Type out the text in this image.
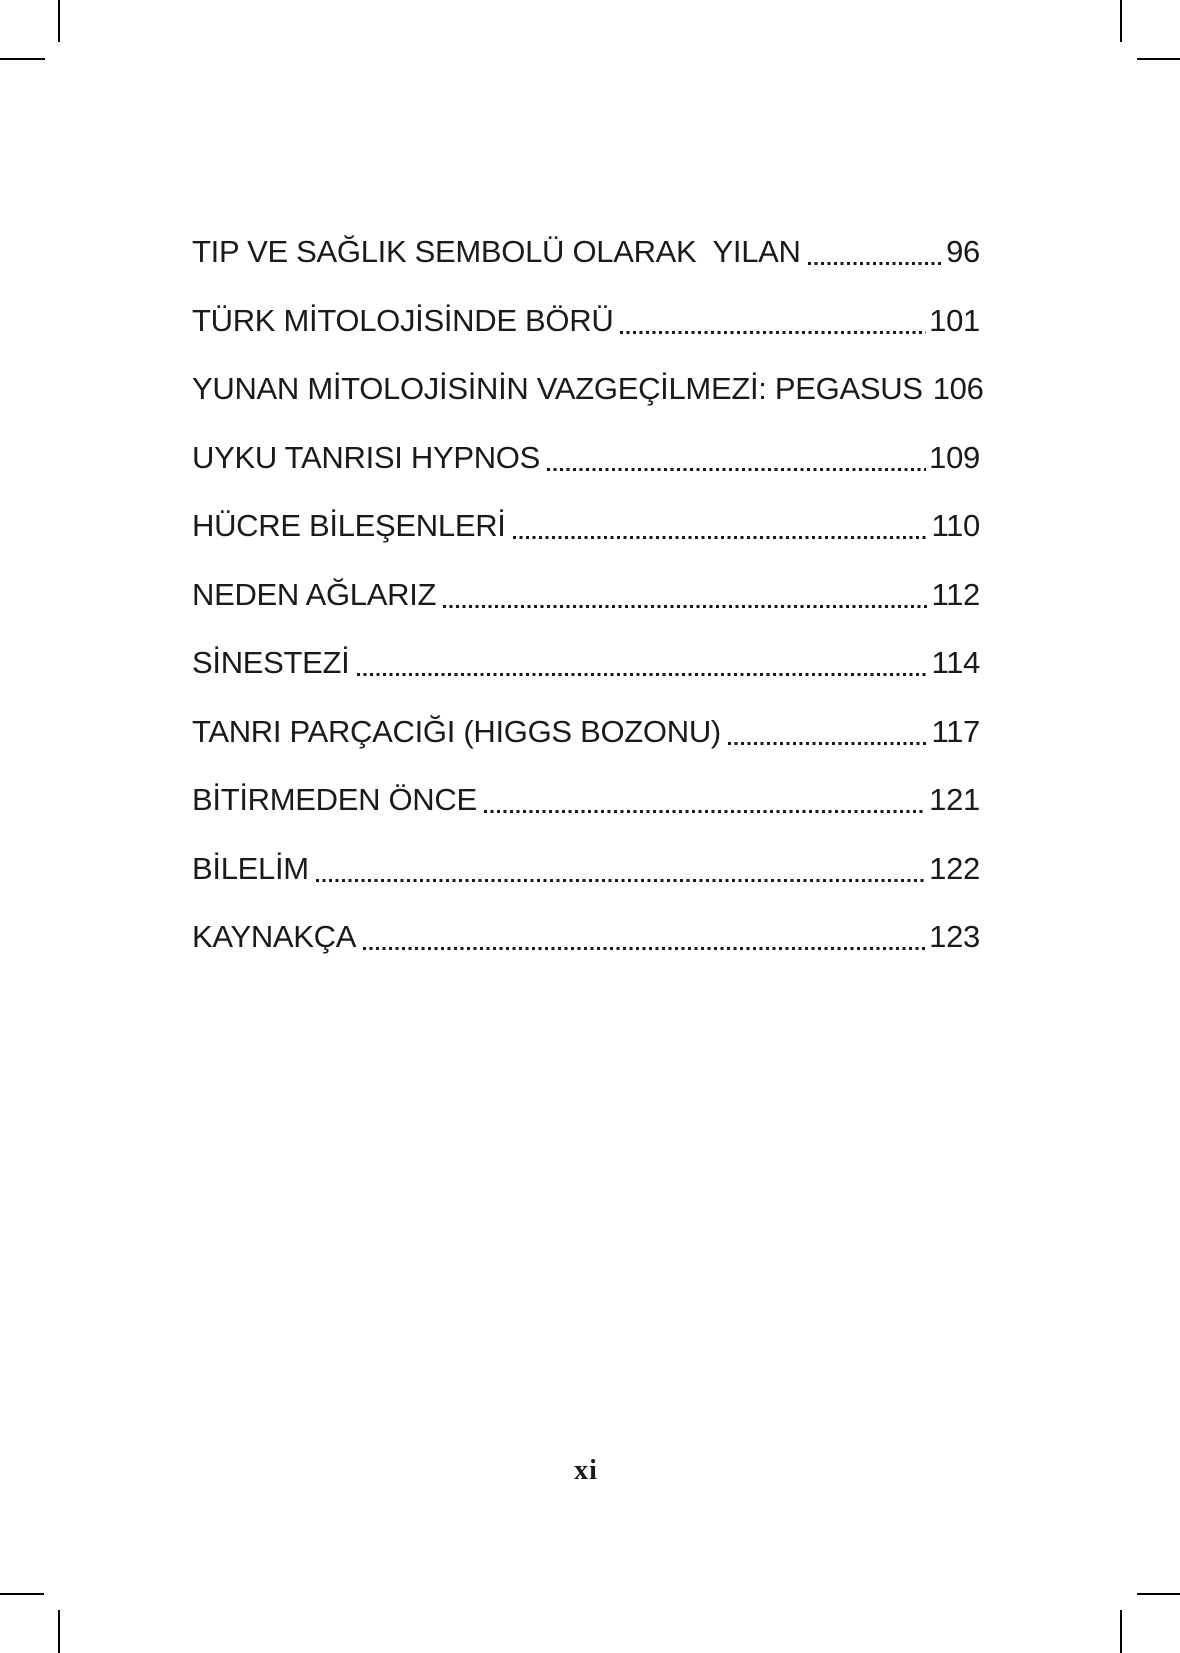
TIP VE SAĞLIK SEMBOLÜ OLARAK  YILAN	96
TÜRK MİTOLOJİSİNDE BÖRÜ	101
YUNAN MİTOLOJİSİNİN VAZGEÇİLMEZİ: PEGASUS 106
UYKU TANRISI HYPNOS	109
HÜCRE BİLEŞENLERİ	110
NEDEN AĞLARIZ	112
SİNESTEZİ	114
TANRI PARÇACIĞI (HIGGS BOZONU)	117
BİTİRMEDEN ÖNCE	121
BİLELİM	122
KAYNAKÇA	123
xi
